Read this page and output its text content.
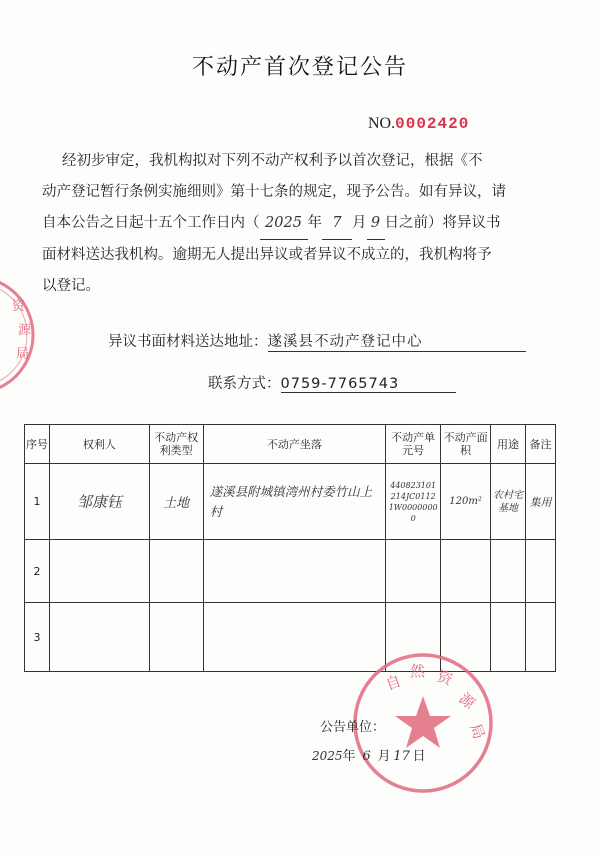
资
源
局
不动产首次登记公告
NO.0002420
经初步审定，我机构拟对下列不动产权利予以首次登记，根据《不
动产登记暂行条例实施细则》第十七条的规定，现予公告。如有异议，请
自本公告之日起十五个工作日内（ 2025 年 7 月 9 日之前）将异议书
面材料送达我机构。逾期无人提出异议或者异议不成立的，我机构将予
以登记。
异议书面材料送达地址：遂溪县不动产登记中心
联系方式：0759-7765743
序号	权利人	不动产权利类型	不动产坐落	不动产单元号	不动产面　积	用途	备注
1	邹康钰	土地	遂溪县附城镇湾州村委竹山上村	440823101214JC01121W00000000	120m²	农村宅基地	集用
2							
3							
自
然 资
源
局
公告单位：
2025年 6 月 17 日
